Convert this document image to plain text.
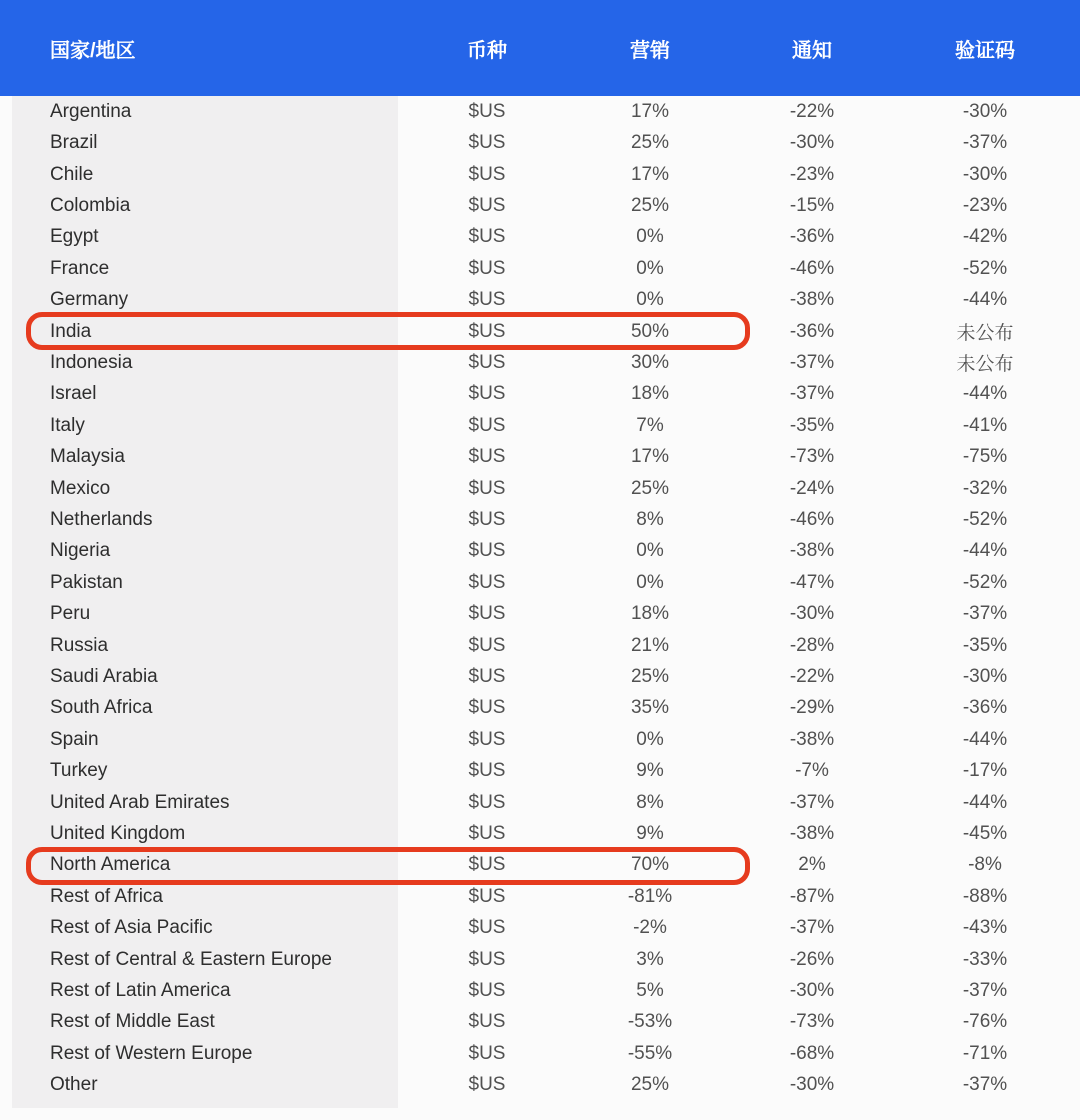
国家/地区	币种	营销	通知	验证码
Argentina	$US	17%	-22%	-30%
Brazil	$US	25%	-30%	-37%
Chile	$US	17%	-23%	-30%
Colombia	$US	25%	-15%	-23%
Egypt	$US	0%	-36%	-42%
France	$US	0%	-46%	-52%
Germany	$US	0%	-38%	-44%
India	$US	50%	-36%	未公布
Indonesia	$US	30%	-37%	未公布
Israel	$US	18%	-37%	-44%
Italy	$US	7%	-35%	-41%
Malaysia	$US	17%	-73%	-75%
Mexico	$US	25%	-24%	-32%
Netherlands	$US	8%	-46%	-52%
Nigeria	$US	0%	-38%	-44%
Pakistan	$US	0%	-47%	-52%
Peru	$US	18%	-30%	-37%
Russia	$US	21%	-28%	-35%
Saudi Arabia	$US	25%	-22%	-30%
South Africa	$US	35%	-29%	-36%
Spain	$US	0%	-38%	-44%
Turkey	$US	9%	-7%	-17%
United Arab Emirates	$US	8%	-37%	-44%
United Kingdom	$US	9%	-38%	-45%
North America	$US	70%	2%	-8%
Rest of Africa	$US	-81%	-87%	-88%
Rest of Asia Pacific	$US	-2%	-37%	-43%
Rest of Central & Eastern Europe	$US	3%	-26%	-33%
Rest of Latin America	$US	5%	-30%	-37%
Rest of Middle East	$US	-53%	-73%	-76%
Rest of Western Europe	$US	-55%	-68%	-71%
Other	$US	25%	-30%	-37%
